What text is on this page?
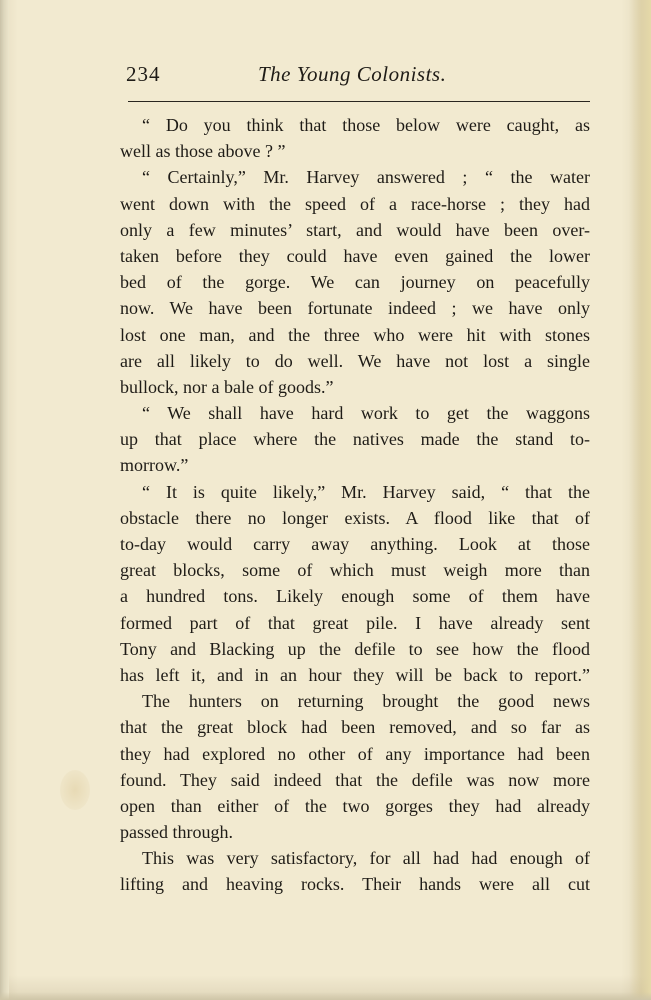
234	The Young Colonists.
“ Do you think that those below were caught, as
well as those above ? ”
“ Certainly,” Mr. Harvey answered ; “ the water
went down with the speed of a race-horse ; they had
only a few minutes’ start, and would have been over-
taken before they could have even gained the lower
bed of the gorge. We can journey on peacefully
now. We have been fortunate indeed ; we have only
lost one man, and the three who were hit with stones
are all likely to do well. We have not lost a single
bullock, nor a bale of goods.”
“ We shall have hard work to get the waggons
up that place where the natives made the stand to-
morrow.”
“ It is quite likely,” Mr. Harvey said, “ that the
obstacle there no longer exists. A flood like that of
to-day would carry away anything. Look at those
great blocks, some of which must weigh more than
a hundred tons. Likely enough some of them have
formed part of that great pile. I have already sent
Tony and Blacking up the defile to see how the flood
has left it, and in an hour they will be back to report.”
The hunters on returning brought the good news
that the great block had been removed, and so far as
they had explored no other of any importance had been
found. They said indeed that the defile was now more
open than either of the two gorges they had already
passed through.
This was very satisfactory, for all had had enough of
lifting and heaving rocks. Their hands were all cut
